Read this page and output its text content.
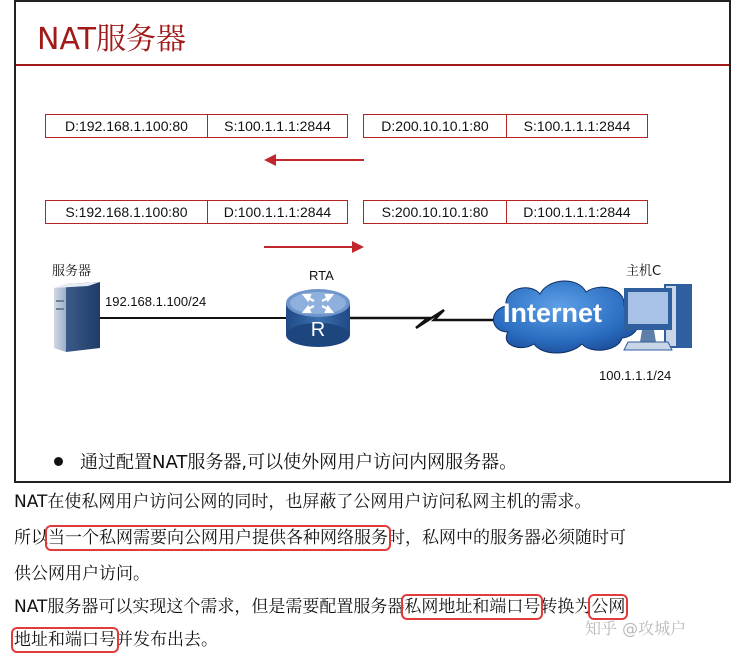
NAT服务器
D:192.168.1.100:80	S:100.1.1.1:2844	D:200.10.10.1:80	S:100.1.1.1:2844
S:192.168.1.100:80	D:100.1.1.1:2844	S:200.10.10.1:80	D:100.1.1.1:2844
服务器
192.168.1.100/24
RTA
R
Internet
主机C
100.1.1.1/24
通过配置NAT服务器,可以使外网用户访问内网服务器。
NAT在使私网用户访问公网的同时，也屏蔽了公网用户访问私网主机的需求。
所以当一个私网需要向公网用户提供各种网络服务时，私网中的服务器必须随时可
供公网用户访问。
NAT服务器可以实现这个需求，但是需要配置服务器私网地址和端口号转换为公网
地址和端口号并发布出去。
知乎 @攻城户
